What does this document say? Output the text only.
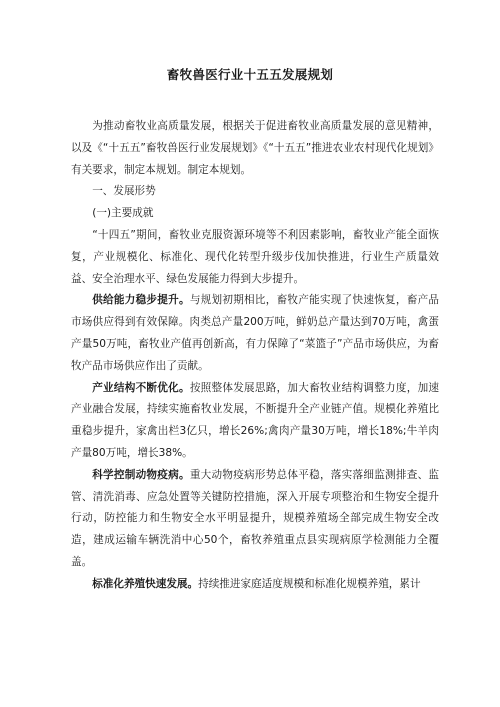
畜牧兽医行业十五五发展规划

为推动畜牧业高质量发展，根据关于促进畜牧业高质量发展的意见精神，以及《“十五五”畜牧兽医行业发展规划》《“十五五”推进农业农村现代化规划》有关要求，制定本规划。制定本规划。

一、发展形势

(一)主要成就

“十四五”期间，畜牧业克服资源环境等不利因素影响，畜牧业产能全面恢复，产业规模化、标准化、现代化转型升级步伐加快推进，行业生产质量效益、安全治理水平、绿色发展能力得到大步提升。

供给能力稳步提升。与规划初期相比，畜牧产能实现了快速恢复，畜产品市场供应得到有效保障。肉类总产量200万吨，鲜奶总产量达到70万吨，禽蛋产量50万吨，畜牧业产值再创新高，有力保障了“菜篮子”产品市场供应，为畜牧产品市场供应作出了贡献。

产业结构不断优化。按照整体发展思路，加大畜牧业结构调整力度，加速产业融合发展，持续实施畜牧业发展，不断提升全产业链产值。规模化养殖比重稳步提升，家禽出栏3亿只，增长26%;禽肉产量30万吨，增长18%;牛羊肉产量80万吨，增长38%。

科学控制动物疫病。重大动物疫病形势总体平稳，落实落细监测排查、监管、清洗消毒、应急处置等关键防控措施，深入开展专项整治和生物安全提升行动，防控能力和生物安全水平明显提升，规模养殖场全部完成生物安全改造，建成运输车辆洗消中心50个，畜牧养殖重点县实现病原学检测能力全覆盖。

标准化养殖快速发展。持续推进家庭适度规模和标准化规模养殖，累计
